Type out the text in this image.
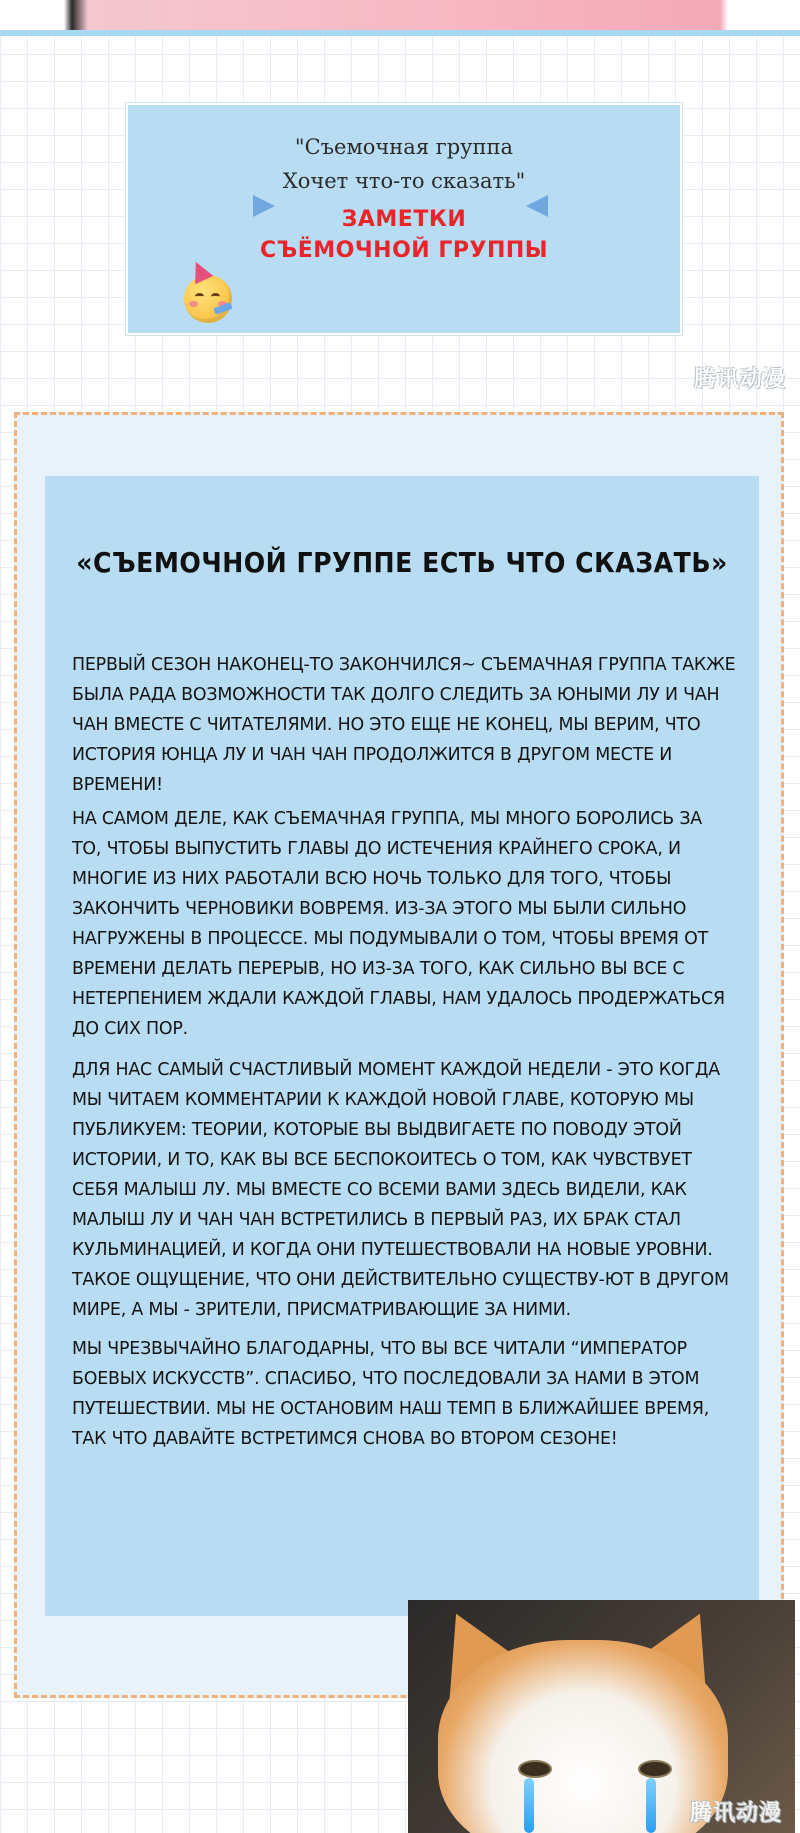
"Съемочная группа
Хочет что-то сказать"
ЗАМЕТКИ
СЪЁМОЧНОЙ ГРУППЫ
腾讯动漫
«СЪЕМОЧНОЙ ГРУППЕ ЕСТЬ ЧТО СКАЗАТЬ»

ПЕРВЫЙ СЕЗОН НАКОНЕЦ-ТО ЗАКОНЧИЛСЯ~ СЪЕМАЧНАЯ ГРУППА ТАКЖЕ БЫЛА РАДА ВОЗМОЖНОСТИ ТАК ДОЛГО СЛЕДИТЬ ЗА ЮНЫМИ ЛУ И ЧАН ЧАН ВМЕСТЕ С ЧИТАТЕЛЯМИ. НО ЭТО ЕЩЕ НЕ КОНЕЦ, МЫ ВЕРИМ, ЧТО ИСТОРИЯ ЮНЦА ЛУ И ЧАН ЧАН ПРОДОЛЖИТСЯ В ДРУГОМ МЕСТЕ И ВРЕМЕНИ!

НА САМОМ ДЕЛЕ, КАК СЪЕМАЧНАЯ ГРУППА, МЫ МНОГО БОРОЛИСЬ ЗА ТО, ЧТОБЫ ВЫПУСТИТЬ ГЛАВЫ ДО ИСТЕЧЕНИЯ КРАЙНЕГО СРОКА, И МНОГИЕ ИЗ НИХ РАБОТАЛИ ВСЮ НОЧЬ ТОЛЬКО ДЛЯ ТОГО, ЧТОБЫ ЗАКОНЧИТЬ ЧЕРНОВИКИ ВОВРЕМЯ. ИЗ-ЗА ЭТОГО МЫ БЫЛИ СИЛЬНО НАГРУЖЕНЫ В ПРОЦЕССЕ. МЫ ПОДУМЫВАЛИ О ТОМ, ЧТОБЫ ВРЕМЯ ОТ ВРЕМЕНИ ДЕЛАТЬ ПЕРЕРЫВ, НО ИЗ-ЗА ТОГО, КАК СИЛЬНО ВЫ ВСЕ С НЕТЕРПЕНИЕМ ЖДАЛИ КАЖДОЙ ГЛАВЫ, НАМ УДАЛОСЬ ПРОДЕРЖАТЬСЯ ДО СИХ ПОР.

ДЛЯ НАС САМЫЙ СЧАСТЛИВЫЙ МОМЕНТ КАЖДОЙ НЕДЕЛИ - ЭТО КОГДА МЫ ЧИТАЕМ КОММЕНТАРИИ К КАЖДОЙ НОВОЙ ГЛАВЕ, КОТОРУЮ МЫ ПУБЛИКУЕМ: ТЕОРИИ, КОТОРЫЕ ВЫ ВЫДВИГАЕТЕ ПО ПОВОДУ ЭТОЙ ИСТОРИИ, И ТО, КАК ВЫ ВСЕ БЕСПОКОИТЕСЬ О ТОМ, КАК ЧУВСТВУЕТ СЕБЯ МАЛЫШ ЛУ. МЫ ВМЕСТЕ СО ВСЕМИ ВАМИ ЗДЕСЬ ВИДЕЛИ, КАК МАЛЫШ ЛУ И ЧАН ЧАН ВСТРЕТИЛИСЬ В ПЕРВЫЙ РАЗ, ИХ БРАК СТАЛ КУЛЬМИНАЦИЕЙ, И КОГДА ОНИ ПУТЕШЕСТВОВАЛИ НА НОВЫЕ УРОВНИ. ТАКОЕ ОЩУЩЕНИЕ, ЧТО ОНИ ДЕЙСТВИТЕЛЬНО СУЩЕСТВУ-ЮТ В ДРУГОМ МИРЕ, А МЫ - ЗРИТЕЛИ, ПРИСМАТРИВАЮЩИЕ ЗА НИМИ.

МЫ ЧРЕЗВЫЧАЙНО БЛАГОДАРНЫ, ЧТО ВЫ ВСЕ ЧИТАЛИ “ИМПЕРАТОР БОЕВЫХ ИСКУССТВ”. СПАСИБО, ЧТО ПОСЛЕДОВАЛИ ЗА НАМИ В ЭТОМ ПУТЕШЕСТВИИ. МЫ НЕ ОСТАНОВИМ НАШ ТЕМП В БЛИЖАЙШЕЕ ВРЕМЯ, ТАК ЧТО ДАВАЙТЕ ВСТРЕТИМСЯ СНОВА ВО ВТОРОМ СЕЗОНЕ!

腾讯动漫
